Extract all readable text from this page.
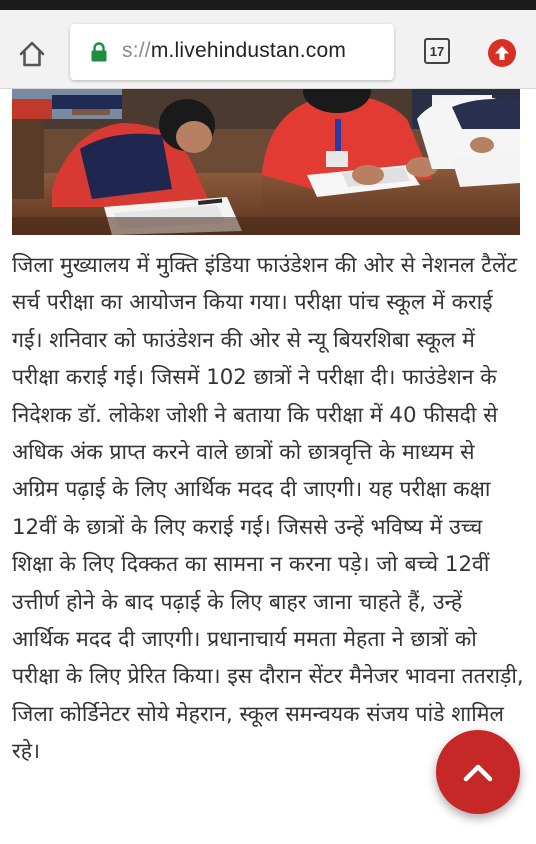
s://m.livehindustan.com	17

जिला मुख्यालय में मुक्ति इंडिया फाउंडेशन की ओर से नेशनल टैलेंट सर्च परीक्षा का आयोजन किया गया। परीक्षा पांच स्कूल में कराई गई। शनिवार को फाउंडेशन की ओर से न्यू बियरशिबा स्कूल में परीक्षा कराई गई। जिसमें 102 छात्रों ने परीक्षा दी। फाउंडेशन के निदेशक डॉ. लोकेश जोशी ने बताया कि परीक्षा में 40 फीसदी से अधिक अंक प्राप्त करने वाले छात्रों को छात्रवृत्ति के माध्यम से अग्रिम पढ़ाई के लिए आर्थिक मदद दी जाएगी। यह परीक्षा कक्षा 12वीं के छात्रों के लिए कराई गई। जिससे उन्हें भविष्य में उच्च शिक्षा के लिए दिक्कत का सामना न करना पड़े। जो बच्चे 12वीं उत्तीर्ण होने के बाद पढ़ाई के लिए बाहर जाना चाहते हैं, उन्हें आर्थिक मदद दी जाएगी। प्रधानाचार्य ममता मेहता ने छात्रों को परीक्षा के लिए प्रेरित किया। इस दौरान सेंटर मैनेजर भावना ततराड़ी, जिला कोर्डिनेटर सोये मेहरान, स्कूल समन्वयक संजय पांडे शामिल रहे।
